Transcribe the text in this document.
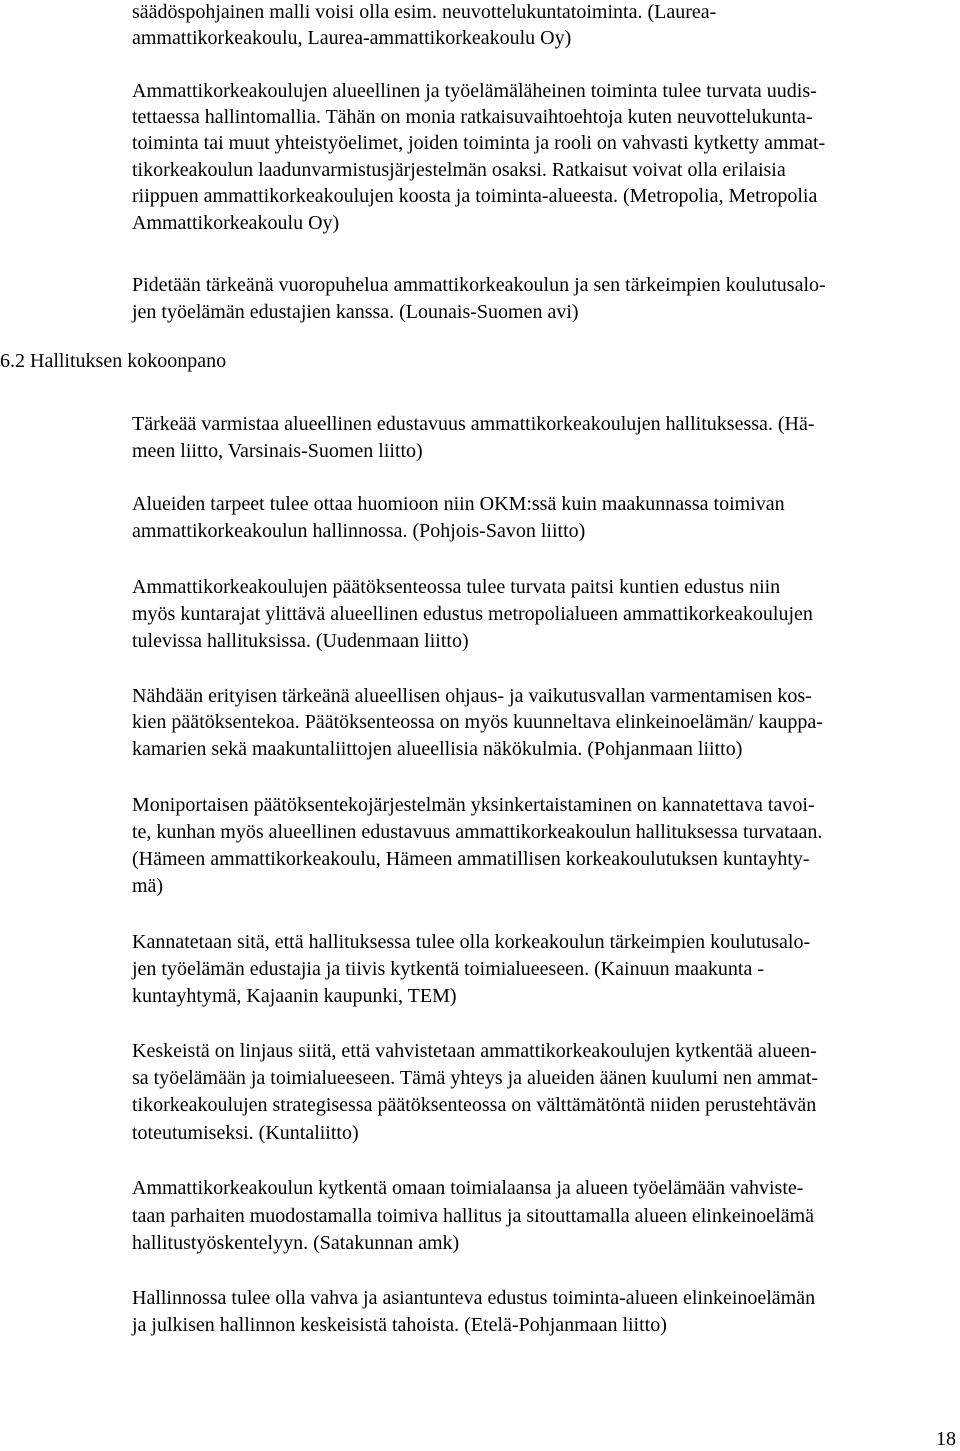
säädöspohjainen malli voisi olla esim. neuvottelukuntatoiminta. (Laurea-

ammattikorkeakoulu, Laurea-ammattikorkeakoulu Oy)

Ammattikorkeakoulujen alueellinen ja työelämäläheinen toiminta tulee turvata uudis-

tettaessa hallintomallia. Tähän on monia ratkaisuvaihtoehtoja kuten neuvottelukunta-

toiminta tai muut yhteistyöelimet, joiden toiminta ja rooli on vahvasti kytketty ammat-

tikorkeakoulun laadunvarmistusjärjestelmän osaksi. Ratkaisut voivat olla erilaisia

riippuen ammattikorkeakoulujen koosta ja toiminta-alueesta. (Metropolia, Metropolia

Ammattikorkeakoulu Oy)

Pidetään tärkeänä vuoropuhelua ammattikorkeakoulun ja sen tärkeimpien koulutusalo-

jen työelämän edustajien kanssa. (Lounais-Suomen avi)

6.2 Hallituksen kokoonpano

Tärkeää varmistaa alueellinen edustavuus ammattikorkeakoulujen hallituksessa. (Hä-

meen liitto, Varsinais-Suomen liitto)

Alueiden tarpeet tulee ottaa huomioon niin OKM:ssä kuin maakunnassa toimivan

ammattikorkeakoulun hallinnossa. (Pohjois-Savon liitto)

Ammattikorkeakoulujen päätöksenteossa tulee turvata paitsi kuntien edustus niin

myös kuntarajat ylittävä alueellinen edustus metropolialueen ammattikorkeakoulujen

tulevissa hallituksissa. (Uudenmaan liitto)

Nähdään erityisen tärkeänä alueellisen ohjaus- ja vaikutusvallan varmentamisen kos-

kien päätöksentekoa. Päätöksenteossa on myös kuunneltava elinkeinoelämän/ kauppa-

kamarien sekä maakuntaliittojen alueellisia näkökulmia. (Pohjanmaan liitto)

Moniportaisen päätöksentekojärjestelmän yksinkertaistaminen on kannatettava tavoi-

te, kunhan myös alueellinen edustavuus ammattikorkeakoulun hallituksessa turvataan.

(Hämeen ammattikorkeakoulu, Hämeen ammatillisen korkeakoulutuksen kuntayhty-

mä)

Kannatetaan sitä, että hallituksessa tulee olla korkeakoulun tärkeimpien koulutusalo-

jen työelämän edustajia ja tiivis kytkentä toimialueeseen. (Kainuun maakunta -

kuntayhtymä, Kajaanin kaupunki, TEM)

Keskeistä on linjaus siitä, että vahvistetaan ammattikorkeakoulujen kytkentää alueen-

sa työelämään ja toimialueeseen. Tämä yhteys ja alueiden äänen kuulumi nen ammat-

tikorkeakoulujen strategisessa päätöksenteossa on välttämätöntä niiden perustehtävän

toteutumiseksi. (Kuntaliitto)

Ammattikorkeakoulun kytkentä omaan toimialaansa ja alueen työelämään vahviste-

taan parhaiten muodostamalla toimiva hallitus ja sitouttamalla alueen elinkeinoelämä

hallitustyöskentelyyn. (Satakunnan amk)

Hallinnossa tulee olla vahva ja asiantunteva edustus toiminta-alueen elinkeinoelämän

ja julkisen hallinnon keskeisistä tahoista. (Etelä-Pohjanmaan liitto)

18
